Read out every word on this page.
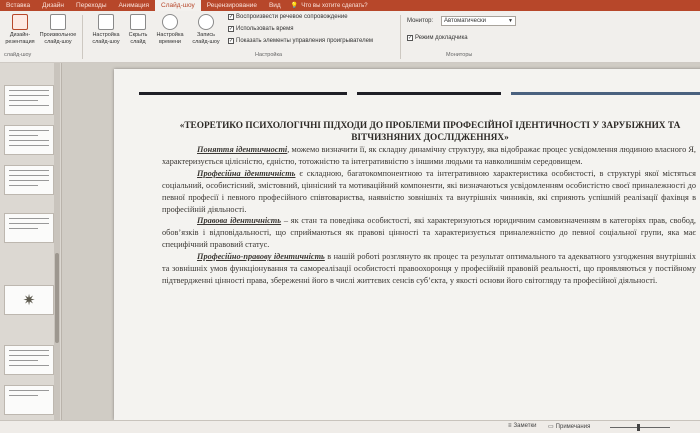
Вставка	Дизайн	Переходы	Анимация	Слайд-шоу	Рецензирование	Вид	💡 Что вы хотите сделать?
Дизайн-
резентация
Произвольное
слайд-шоу
Настройка
слайд-шоу
Скрыть
слайд
Настройка
времени
Запись
слайд-шоу
✓ Воспроизвести речевое сопровождение
✓ Использовать время
✓ Показать элементы управления проигрывателем
Монитор:	Автоматически	▼
✓ Режим докладчика
слайд-шоу	Настройка	Мониторы
✷
«ТЕОРЕТИКО ПСИХОЛОГІЧНІ ПІДХОДИ ДО ПРОБЛЕМИ ПРОФЕСІЙНОЇ ІДЕНТИЧНОСТІ У ЗАРУБІЖНИХ ТА ВІТЧИЗНЯНИХ ДОСЛІДЖЕННЯХ»

Поняття ідентичності, можемо визначити її, як складну динамічну структуру, яка відображає процес усвідомлення людиною власного Я, характеризується цілісністю, єдністю, тотожністю та інтегративністю з іншими людьми та навколишнім середовищем.

Професійна ідентичність є складною, багатокомпонентною та інтегративною характеристика особистості, в структурі якої містяться соціальний, особистісний, змістовний, ціннісний та мотиваційний компоненти, які визначаються усвідомленням особистістю своєї приналежності до певної професії і певного професійного співтовариства, наявністю зовнішніх та внутрішніх чинників, які сприяють успішній реалізації фахівця в професійній діяльності.

Правова ідентичність – як стан та поведінка особистості, які характеризуються юридичним самовизначенням в категоріях прав, свобод, обов’язків і відповідальності, що сприймаються як правові цінності та характеризується приналежністю до певної соціальної групи, яка має специфічний правовий статус.

Професійно-правову ідентичність в нашій роботі розглянуто як процес та результат оптимального та адекватного узгодження внутрішніх та зовнішніх умов функціонування та самореалізації особистості правоохоронця у професійній правовій реальності, що проявляються у постійному підтвердженні цінності права, збереженні його в числі життєвих сенсів суб’єкта, у якості основи його світогляду та професійної діяльності.

≡ Заметки ▭ Примечания
